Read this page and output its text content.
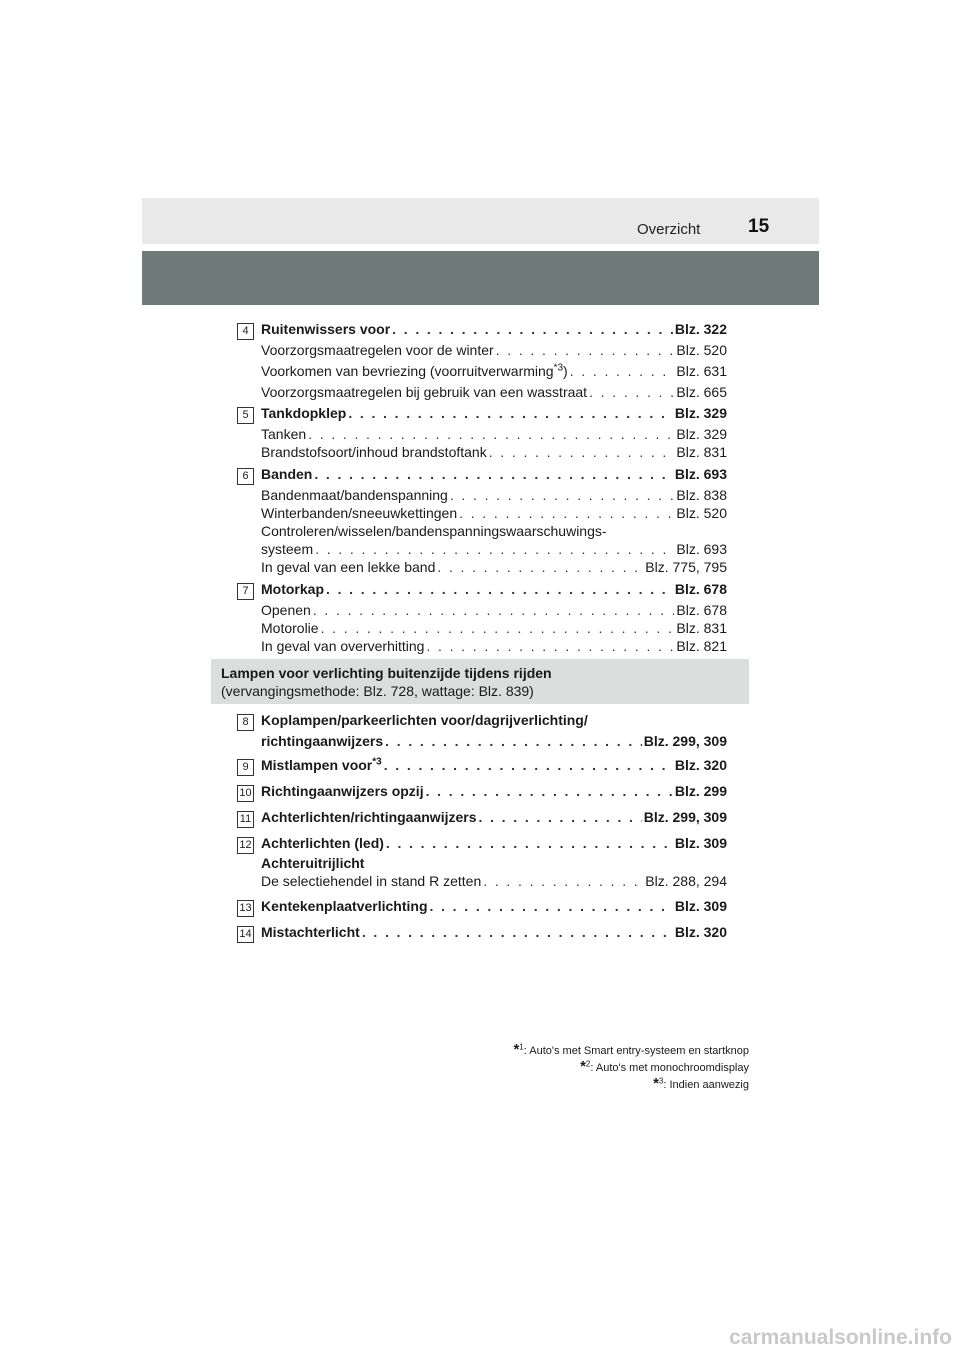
Overzicht	15
4 Ruitenwissers voor . . .	Blz. 322
Voorzorgsmaatregelen voor de winter . . .	Blz. 520
Voorkomen van bevriezing (voorruitverwarming$^{*3}$) . . .	Blz. 631
Voorzorgsmaatregelen bij gebruik van een wasstraat . . .	Blz. 665
5 Tankdopklep . . .	Blz. 329
Tanken . . .	Blz. 329
Brandstofsoort/inhoud brandstoftank . . .	Blz. 831
6 Banden . . .	Blz. 693
Bandenmaat/bandenspanning . . .	Blz. 838
Winterbanden/sneeuwkettingen . . .	Blz. 520
Controleren/wisselen/bandenspanningswaarschuwings-
systeem . . .	Blz. 693
In geval van een lekke band . . .	Blz. 775, 795
7 Motorkap . . .	Blz. 678
Openen . . .	Blz. 678
Motorolie . . .	Blz. 831
In geval van oververhitting . . .	Blz. 821
Lampen voor verlichting buitenzijde tijdens rijden
(vervangingsmethode: Blz. 728, wattage: Blz. 839)
8 Koplampen/parkeerlichten voor/dagrijverlichting/
richtingaanwijzers . . .	Blz. 299, 309
9 Mistlampen voor$^{*3}$ . . .	Blz. 320
10 Richtingaanwijzers opzij . . .	Blz. 299
11 Achterlichten/richtingaanwijzers . . .	Blz. 299, 309
12 Achterlichten (led) . . .	Blz. 309
Achteruitrijlicht
De selectiehendel in stand R zetten . . .	Blz. 288, 294
13 Kentekenplaatverlichting . . .	Blz. 309
14 Mistachterlicht . . .	Blz. 320
*$^1$: Auto's met Smart entry-systeem en startknop
*$^2$: Auto's met monochroomdisplay
*$^3$: Indien aanwezig
carmanualsonline.info
